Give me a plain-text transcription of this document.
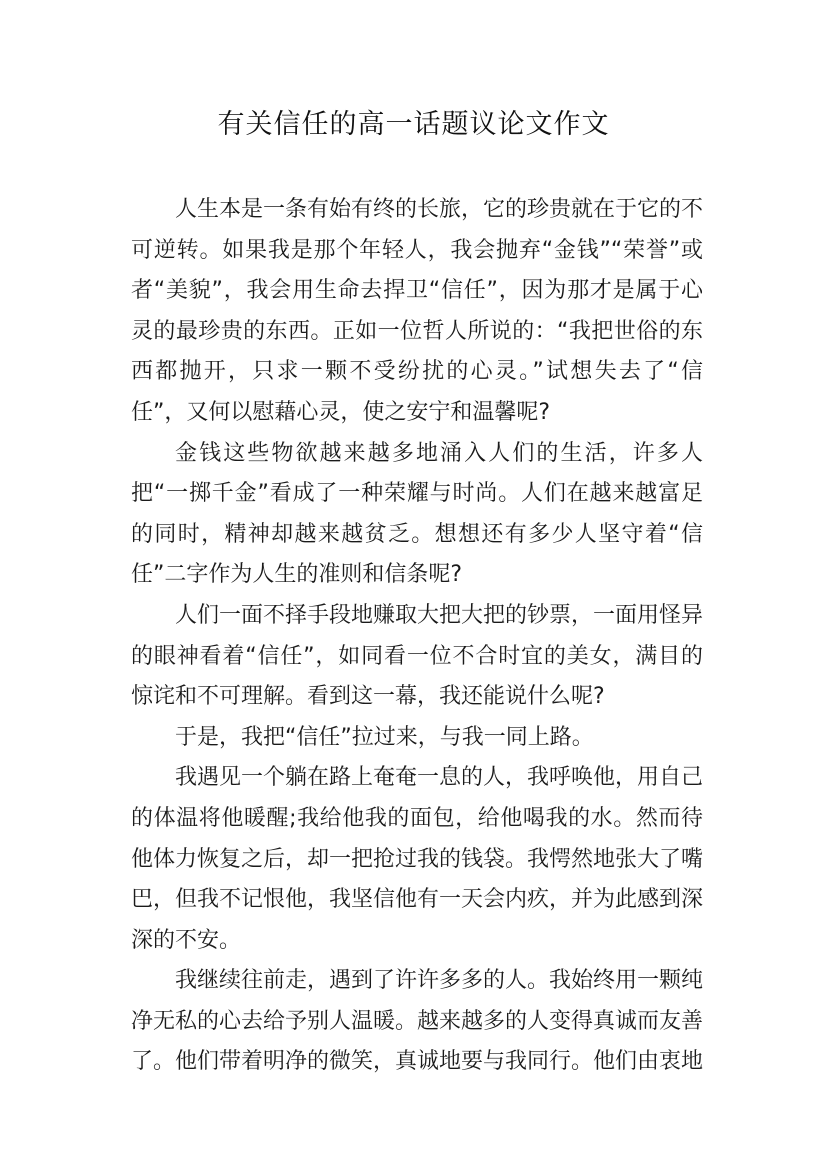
有关信任的高一话题议论文作文

人生本是一条有始有终的长旅，它的珍贵就在于它的不可逆转。如果我是那个年轻人，我会抛弃“金钱”“荣誉”或者“美貌”，我会用生命去捍卫“信任”，因为那才是属于心灵的最珍贵的东西。正如一位哲人所说的：“我把世俗的东西都抛开，只求一颗不受纷扰的心灵。”试想失去了“信任”，又何以慰藉心灵，使之安宁和温馨呢?

金钱这些物欲越来越多地涌入人们的生活，许多人把“一掷千金”看成了一种荣耀与时尚。人们在越来越富足的同时，精神却越来越贫乏。想想还有多少人坚守着“信任”二字作为人生的准则和信条呢?

人们一面不择手段地赚取大把大把的钞票，一面用怪异的眼神看着“信任”，如同看一位不合时宜的美女，满目的惊诧和不可理解。看到这一幕，我还能说什么呢?

于是，我把“信任”拉过来，与我一同上路。

我遇见一个躺在路上奄奄一息的人，我呼唤他，用自己的体温将他暖醒;我给他我的面包，给他喝我的水。然而待他体力恢复之后，却一把抢过我的钱袋。我愕然地张大了嘴巴，但我不记恨他，我坚信他有一天会内疚，并为此感到深深的不安。

我继续往前走，遇到了许许多多的人。我始终用一颗纯净无私的心去给予别人温暖。越来越多的人变得真诚而友善了。他们带着明净的微笑，真诚地要与我同行。他们由衷地
